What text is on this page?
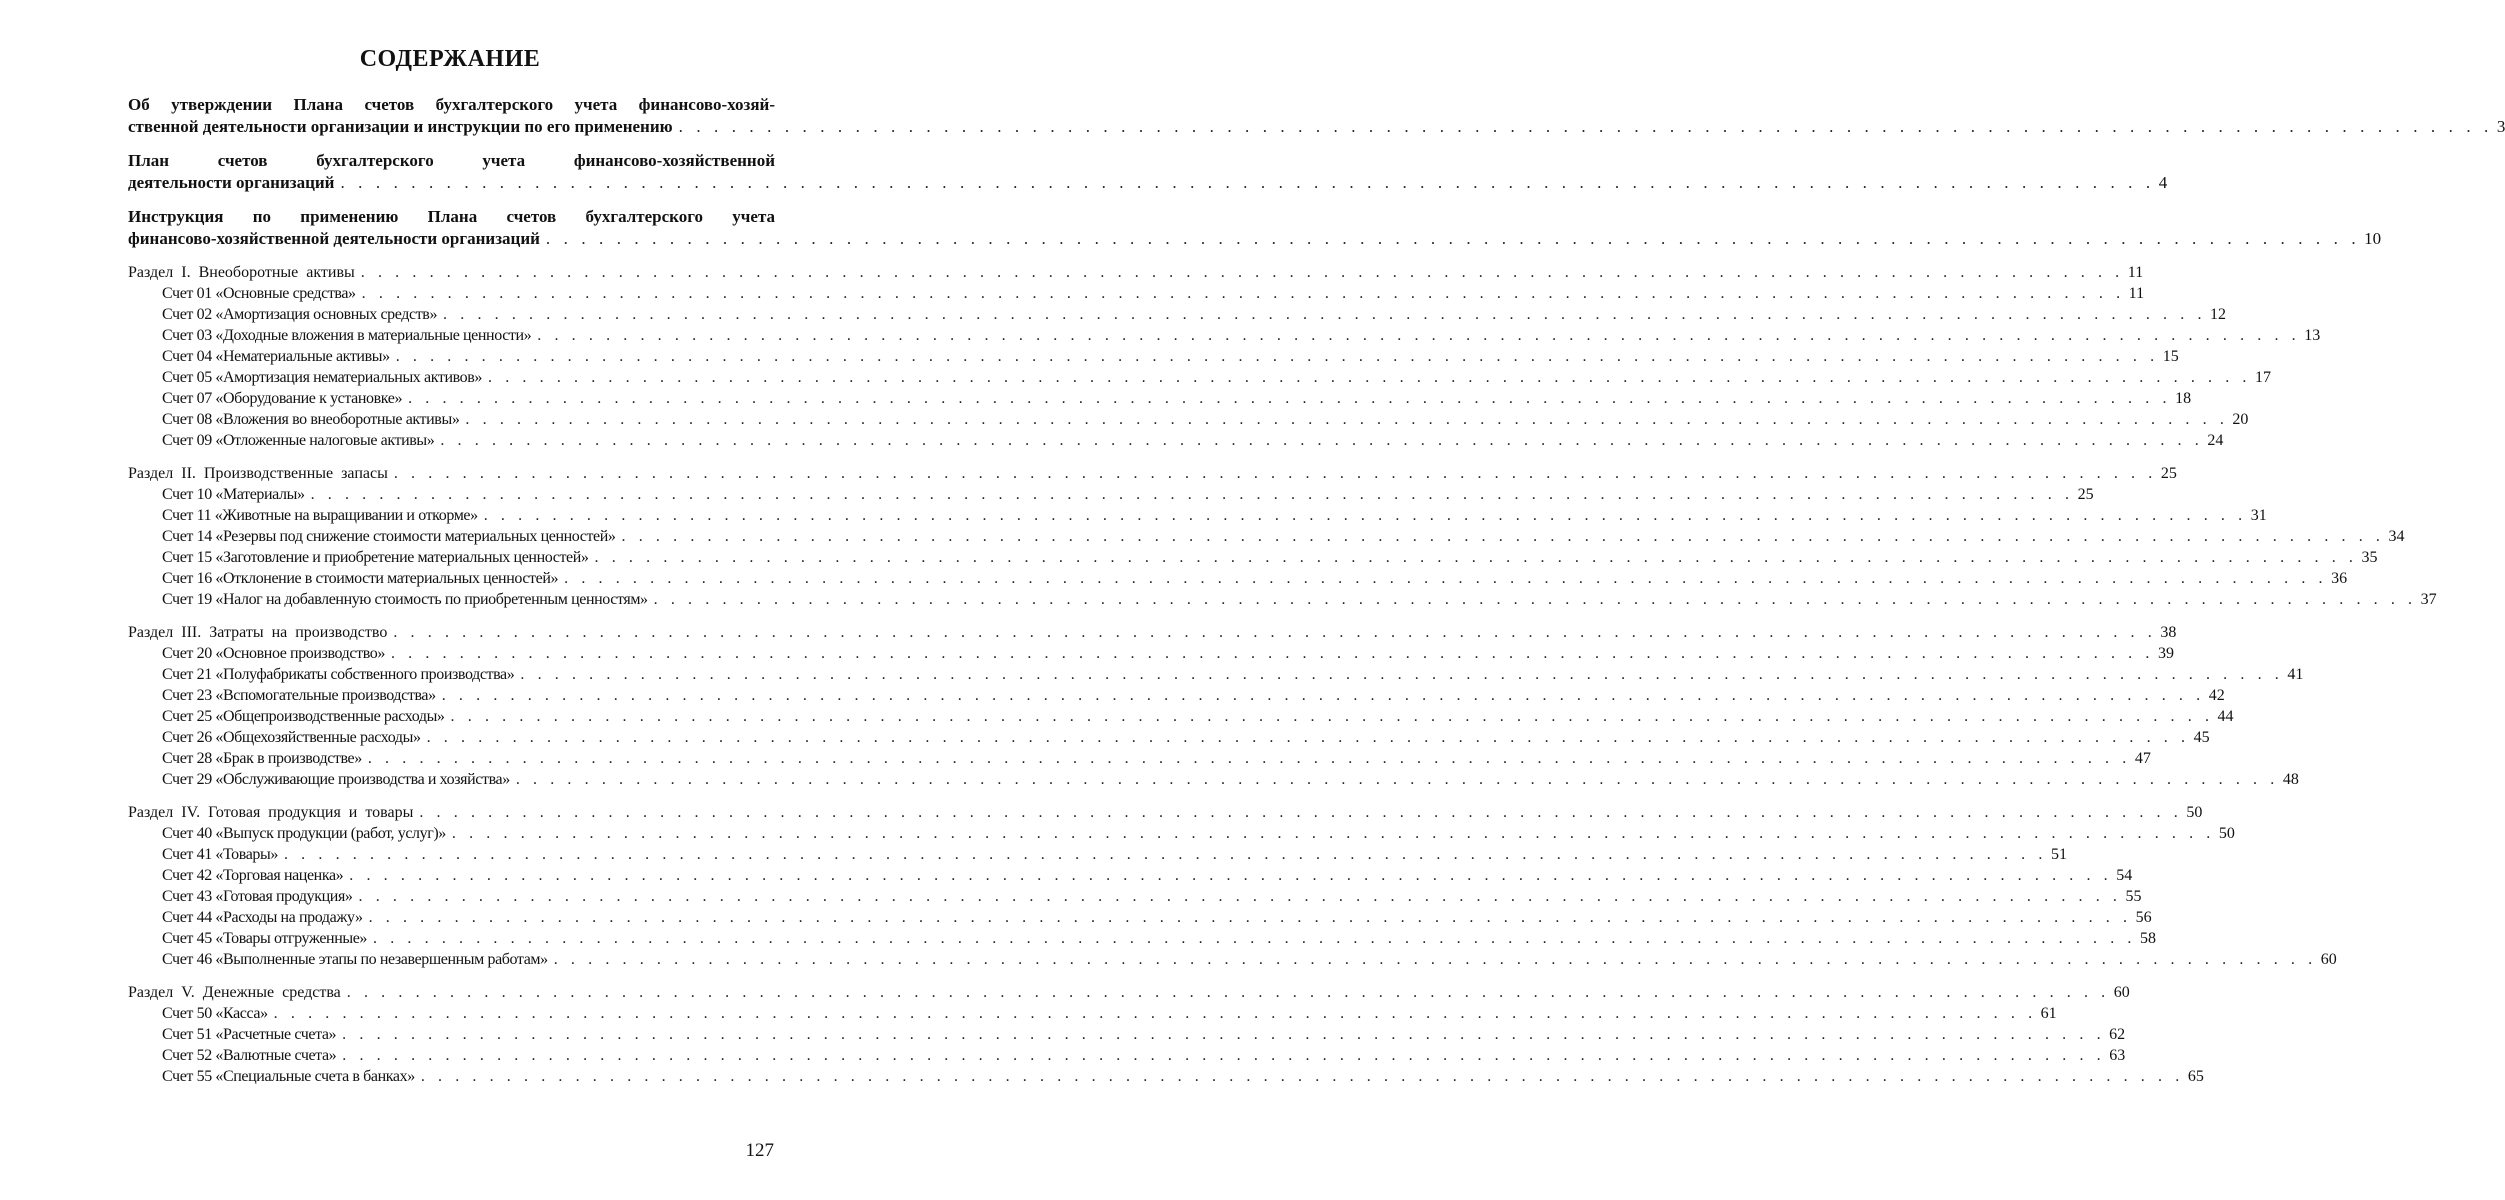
СОДЕРЖАНИЕ
Об утверждении Плана счетов бухгалтерского учета финансово-хозяй-
ственной деятельности организации и инструкции по его применению . . . . . . . . . . . . . . . . . . . . . . . . . . . . . . . . . . . . . . . . . . . . . . . . . . . . . . . . . . . . . . . . . . . . . . . . . . . . . . . . . . . . . . . . . . . . . . . . . . . . . . . 3
План счетов бухгалтерского учета финансово-хозяйственной
деятельности организаций . . . . . . . . . . . . . . . . . . . . . . . . . . . . . . . . . . . . . . . . . . . . . . . . . . . . . . . . . . . . . . . . . . . . . . . . . . . . . . . . . . . . . . . . . . . . . . . . . . . . . . . 4
Инструкция по применению Плана счетов бухгалтерского учета
финансово-хозяйственной деятельности организаций . . . . . . . . . . . . . . . . . . . . . . . . . . . . . . . . . . . . . . . . . . . . . . . . . . . . . . . . . . . . . . . . . . . . . . . . . . . . . . . . . . . . . . . . . . . . . . . . . . . . . . . 10
Раздел I. Внеоборотные активы . . . . . . . . . . . . . . . . . . . . . . . . . . . . . . . . . . . . . . . . . . . . . . . . . . . . . . . . . . . . . . . . . . . . . . . . . . . . . . . . . . . . . . . . . . . . . . . . . . . . . . . 11
Счет 01 «Основные средства» . . . . . . . . . . . . . . . . . . . . . . . . . . . . . . . . . . . . . . . . . . . . . . . . . . . . . . . . . . . . . . . . . . . . . . . . . . . . . . . . . . . . . . . . . . . . . . . . . . . . . . . 11
Счет 02 «Амортизация основных средств» . . . . . . . . . . . . . . . . . . . . . . . . . . . . . . . . . . . . . . . . . . . . . . . . . . . . . . . . . . . . . . . . . . . . . . . . . . . . . . . . . . . . . . . . . . . . . . . . . . . . . . . 12
Счет 03 «Доходные вложения в материальные ценности» . . . . . . . . . . . . . . . . . . . . . . . . . . . . . . . . . . . . . . . . . . . . . . . . . . . . . . . . . . . . . . . . . . . . . . . . . . . . . . . . . . . . . . . . . . . . . . . . . . . . . . . 13
Счет 04 «Нематериальные активы» . . . . . . . . . . . . . . . . . . . . . . . . . . . . . . . . . . . . . . . . . . . . . . . . . . . . . . . . . . . . . . . . . . . . . . . . . . . . . . . . . . . . . . . . . . . . . . . . . . . . . . . 15
Счет 05 «Амортизация нематериальных активов» . . . . . . . . . . . . . . . . . . . . . . . . . . . . . . . . . . . . . . . . . . . . . . . . . . . . . . . . . . . . . . . . . . . . . . . . . . . . . . . . . . . . . . . . . . . . . . . . . . . . . . . 17
Счет 07 «Оборудование к установке» . . . . . . . . . . . . . . . . . . . . . . . . . . . . . . . . . . . . . . . . . . . . . . . . . . . . . . . . . . . . . . . . . . . . . . . . . . . . . . . . . . . . . . . . . . . . . . . . . . . . . . . 18
Счет 08 «Вложения во внеоборотные активы» . . . . . . . . . . . . . . . . . . . . . . . . . . . . . . . . . . . . . . . . . . . . . . . . . . . . . . . . . . . . . . . . . . . . . . . . . . . . . . . . . . . . . . . . . . . . . . . . . . . . . . . 20
Счет 09 «Отложенные налоговые активы» . . . . . . . . . . . . . . . . . . . . . . . . . . . . . . . . . . . . . . . . . . . . . . . . . . . . . . . . . . . . . . . . . . . . . . . . . . . . . . . . . . . . . . . . . . . . . . . . . . . . . . . 24
Раздел II. Производственные запасы . . . . . . . . . . . . . . . . . . . . . . . . . . . . . . . . . . . . . . . . . . . . . . . . . . . . . . . . . . . . . . . . . . . . . . . . . . . . . . . . . . . . . . . . . . . . . . . . . . . . . . . 25
Счет 10 «Материалы» . . . . . . . . . . . . . . . . . . . . . . . . . . . . . . . . . . . . . . . . . . . . . . . . . . . . . . . . . . . . . . . . . . . . . . . . . . . . . . . . . . . . . . . . . . . . . . . . . . . . . . . 25
Счет 11 «Животные на выращивании и откорме» . . . . . . . . . . . . . . . . . . . . . . . . . . . . . . . . . . . . . . . . . . . . . . . . . . . . . . . . . . . . . . . . . . . . . . . . . . . . . . . . . . . . . . . . . . . . . . . . . . . . . . . 31
Счет 14 «Резервы под снижение стоимости материальных ценностей» . . . . . . . . . . . . . . . . . . . . . . . . . . . . . . . . . . . . . . . . . . . . . . . . . . . . . . . . . . . . . . . . . . . . . . . . . . . . . . . . . . . . . . . . . . . . . . . . . . . . . . . 34
Счет 15 «Заготовление и приобретение материальных ценностей» . . . . . . . . . . . . . . . . . . . . . . . . . . . . . . . . . . . . . . . . . . . . . . . . . . . . . . . . . . . . . . . . . . . . . . . . . . . . . . . . . . . . . . . . . . . . . . . . . . . . . . . 35
Счет 16 «Отклонение в стоимости материальных ценностей» . . . . . . . . . . . . . . . . . . . . . . . . . . . . . . . . . . . . . . . . . . . . . . . . . . . . . . . . . . . . . . . . . . . . . . . . . . . . . . . . . . . . . . . . . . . . . . . . . . . . . . . 36
Счет 19 «Налог на добавленную стоимость по приобретенным ценностям» . . . . . . . . . . . . . . . . . . . . . . . . . . . . . . . . . . . . . . . . . . . . . . . . . . . . . . . . . . . . . . . . . . . . . . . . . . . . . . . . . . . . . . . . . . . . . . . . . . . . . . . 37
Раздел III. Затраты на производство . . . . . . . . . . . . . . . . . . . . . . . . . . . . . . . . . . . . . . . . . . . . . . . . . . . . . . . . . . . . . . . . . . . . . . . . . . . . . . . . . . . . . . . . . . . . . . . . . . . . . . . 38
Счет 20 «Основное производство» . . . . . . . . . . . . . . . . . . . . . . . . . . . . . . . . . . . . . . . . . . . . . . . . . . . . . . . . . . . . . . . . . . . . . . . . . . . . . . . . . . . . . . . . . . . . . . . . . . . . . . . 39
Счет 21 «Полуфабрикаты собственного производства» . . . . . . . . . . . . . . . . . . . . . . . . . . . . . . . . . . . . . . . . . . . . . . . . . . . . . . . . . . . . . . . . . . . . . . . . . . . . . . . . . . . . . . . . . . . . . . . . . . . . . . . 41
Счет 23 «Вспомогательные производства» . . . . . . . . . . . . . . . . . . . . . . . . . . . . . . . . . . . . . . . . . . . . . . . . . . . . . . . . . . . . . . . . . . . . . . . . . . . . . . . . . . . . . . . . . . . . . . . . . . . . . . . 42
Счет 25 «Общепроизводственные расходы» . . . . . . . . . . . . . . . . . . . . . . . . . . . . . . . . . . . . . . . . . . . . . . . . . . . . . . . . . . . . . . . . . . . . . . . . . . . . . . . . . . . . . . . . . . . . . . . . . . . . . . . 44
Счет 26 «Общехозяйственные расходы» . . . . . . . . . . . . . . . . . . . . . . . . . . . . . . . . . . . . . . . . . . . . . . . . . . . . . . . . . . . . . . . . . . . . . . . . . . . . . . . . . . . . . . . . . . . . . . . . . . . . . . . 45
Счет 28 «Брак в производстве» . . . . . . . . . . . . . . . . . . . . . . . . . . . . . . . . . . . . . . . . . . . . . . . . . . . . . . . . . . . . . . . . . . . . . . . . . . . . . . . . . . . . . . . . . . . . . . . . . . . . . . . 47
Счет 29 «Обслуживающие производства и хозяйства» . . . . . . . . . . . . . . . . . . . . . . . . . . . . . . . . . . . . . . . . . . . . . . . . . . . . . . . . . . . . . . . . . . . . . . . . . . . . . . . . . . . . . . . . . . . . . . . . . . . . . . . 48
Раздел IV. Готовая продукция и товары . . . . . . . . . . . . . . . . . . . . . . . . . . . . . . . . . . . . . . . . . . . . . . . . . . . . . . . . . . . . . . . . . . . . . . . . . . . . . . . . . . . . . . . . . . . . . . . . . . . . . . . 50
Счет 40 «Выпуск продукции (работ, услуг)» . . . . . . . . . . . . . . . . . . . . . . . . . . . . . . . . . . . . . . . . . . . . . . . . . . . . . . . . . . . . . . . . . . . . . . . . . . . . . . . . . . . . . . . . . . . . . . . . . . . . . . . 50
Счет 41 «Товары» . . . . . . . . . . . . . . . . . . . . . . . . . . . . . . . . . . . . . . . . . . . . . . . . . . . . . . . . . . . . . . . . . . . . . . . . . . . . . . . . . . . . . . . . . . . . . . . . . . . . . . . 51
Счет 42 «Торговая наценка» . . . . . . . . . . . . . . . . . . . . . . . . . . . . . . . . . . . . . . . . . . . . . . . . . . . . . . . . . . . . . . . . . . . . . . . . . . . . . . . . . . . . . . . . . . . . . . . . . . . . . . . 54
Счет 43 «Готовая продукция» . . . . . . . . . . . . . . . . . . . . . . . . . . . . . . . . . . . . . . . . . . . . . . . . . . . . . . . . . . . . . . . . . . . . . . . . . . . . . . . . . . . . . . . . . . . . . . . . . . . . . . . 55
Счет 44 «Расходы на продажу» . . . . . . . . . . . . . . . . . . . . . . . . . . . . . . . . . . . . . . . . . . . . . . . . . . . . . . . . . . . . . . . . . . . . . . . . . . . . . . . . . . . . . . . . . . . . . . . . . . . . . . . 56
Счет 45 «Товары отгруженные» . . . . . . . . . . . . . . . . . . . . . . . . . . . . . . . . . . . . . . . . . . . . . . . . . . . . . . . . . . . . . . . . . . . . . . . . . . . . . . . . . . . . . . . . . . . . . . . . . . . . . . . 58
Счет 46 «Выполненные этапы по незавершенным работам» . . . . . . . . . . . . . . . . . . . . . . . . . . . . . . . . . . . . . . . . . . . . . . . . . . . . . . . . . . . . . . . . . . . . . . . . . . . . . . . . . . . . . . . . . . . . . . . . . . . . . . . 60
Раздел V. Денежные средства . . . . . . . . . . . . . . . . . . . . . . . . . . . . . . . . . . . . . . . . . . . . . . . . . . . . . . . . . . . . . . . . . . . . . . . . . . . . . . . . . . . . . . . . . . . . . . . . . . . . . . . 60
Счет 50 «Касса» . . . . . . . . . . . . . . . . . . . . . . . . . . . . . . . . . . . . . . . . . . . . . . . . . . . . . . . . . . . . . . . . . . . . . . . . . . . . . . . . . . . . . . . . . . . . . . . . . . . . . . . 61
Счет 51 «Расчетные счета» . . . . . . . . . . . . . . . . . . . . . . . . . . . . . . . . . . . . . . . . . . . . . . . . . . . . . . . . . . . . . . . . . . . . . . . . . . . . . . . . . . . . . . . . . . . . . . . . . . . . . . . 62
Счет 52 «Валютные счета» . . . . . . . . . . . . . . . . . . . . . . . . . . . . . . . . . . . . . . . . . . . . . . . . . . . . . . . . . . . . . . . . . . . . . . . . . . . . . . . . . . . . . . . . . . . . . . . . . . . . . . . 63
Счет 55 «Специальные счета в банках» . . . . . . . . . . . . . . . . . . . . . . . . . . . . . . . . . . . . . . . . . . . . . . . . . . . . . . . . . . . . . . . . . . . . . . . . . . . . . . . . . . . . . . . . . . . . . . . . . . . . . . . 65
127
